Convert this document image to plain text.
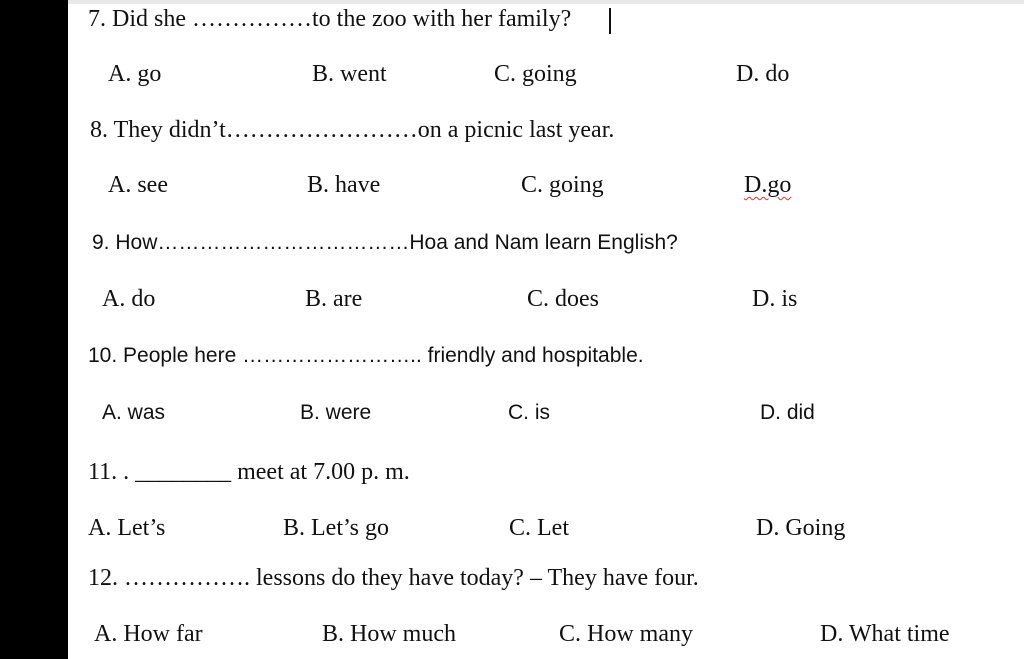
7. Did she ……………to the zoo with her family?
A. go	B. went	C. going	D. do
8. They didn’t……………………on a picnic last year.
A. see	B. have	C. going	D.go
9. How………………………………Hoa and Nam learn English?
A. do	B. are	C. does	D. is
10. People here …………………….. friendly and hospitable.
A. was	B. were	C. is	D. did
11. . ________ meet at 7.00 p. m.
A. Let’s	B. Let’s go	C. Let	D. Going
12. ……………. lessons do they have today? – They have four.
A. How far	B. How much	C. How many	D. What time
